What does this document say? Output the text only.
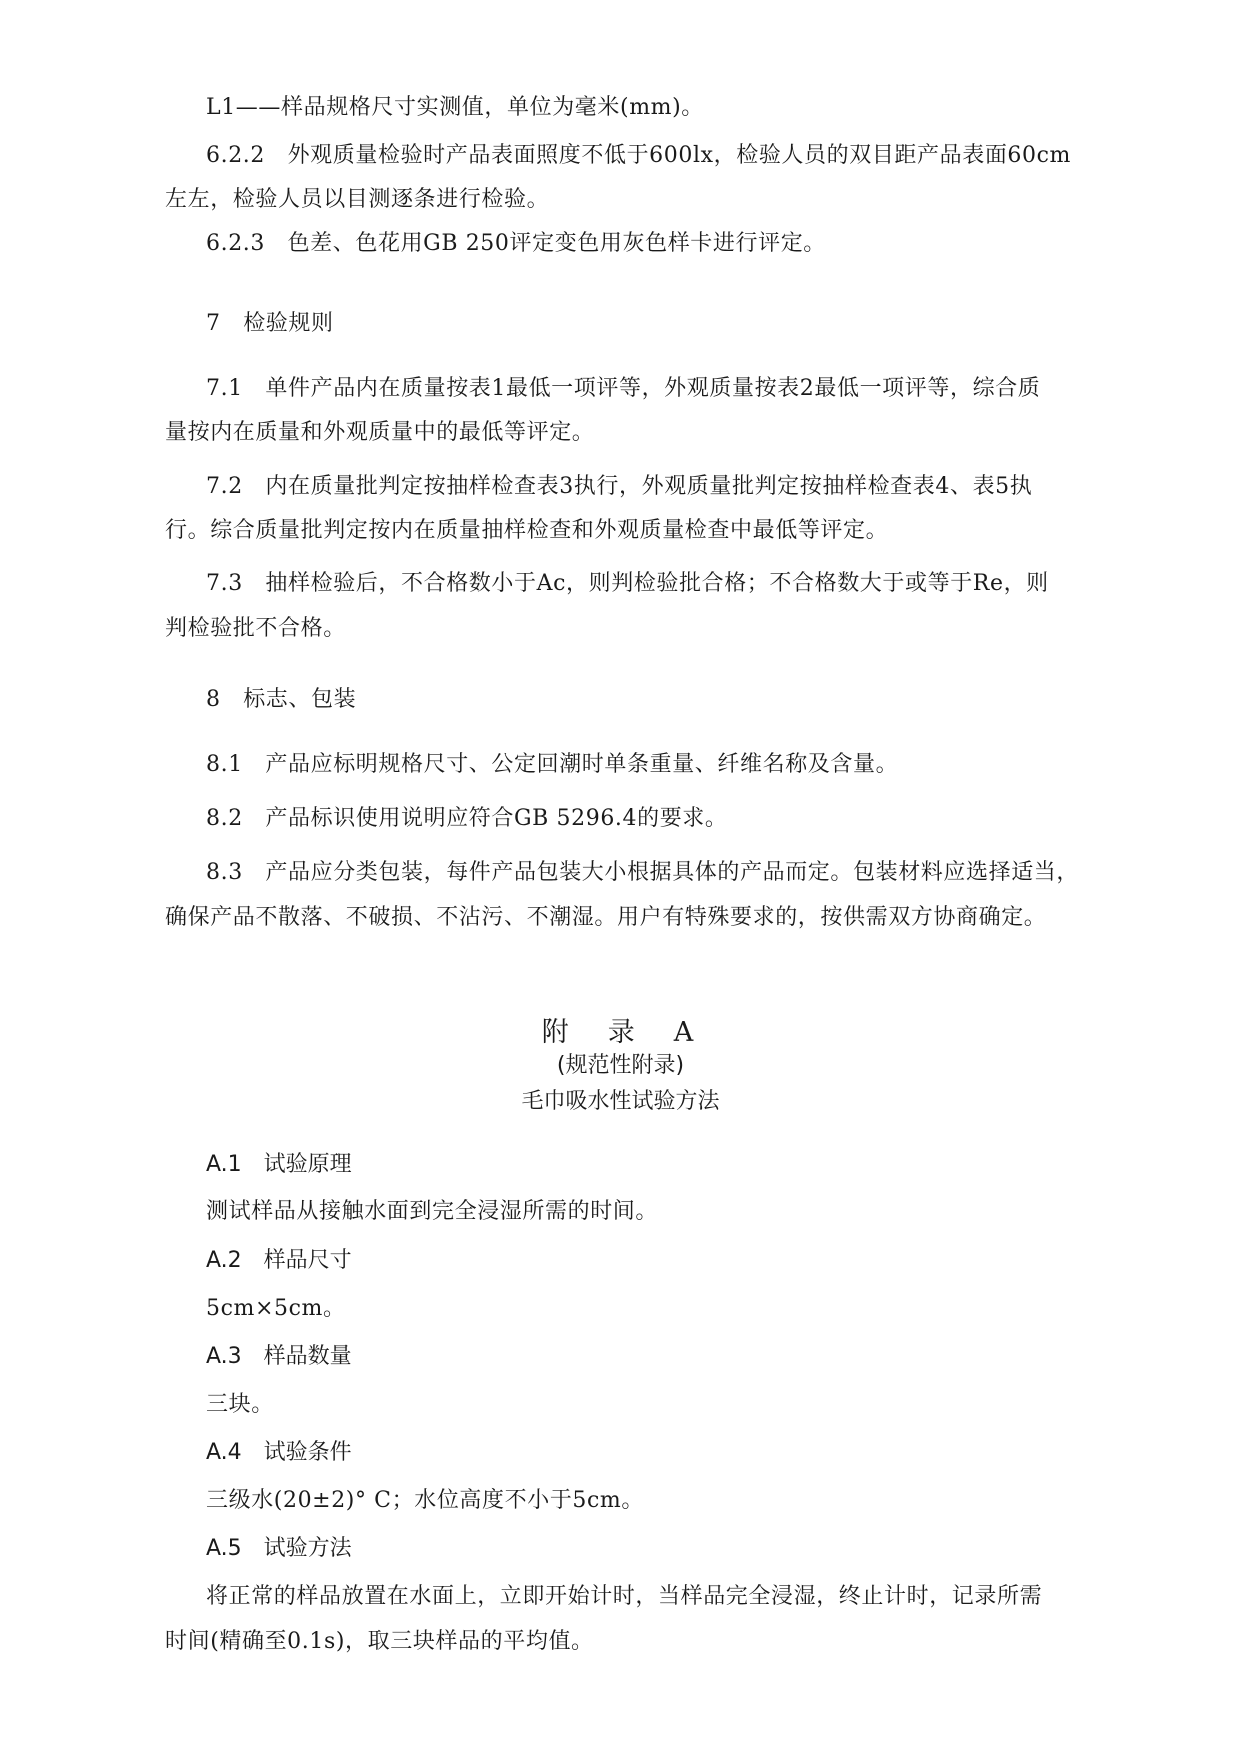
L1——样品规格尺寸实测值，单位为毫米(mm)。
6.2.2　外观质量检验时产品表面照度不低于600lx，检验人员的双目距产品表面60cm
左左，检验人员以目测逐条进行检验。
6.2.3　色差、色花用GB 250评定变色用灰色样卡进行评定。
7　检验规则
7.1　单件产品内在质量按表1最低一项评等，外观质量按表2最低一项评等，综合质
量按内在质量和外观质量中的最低等评定。
7.2　内在质量批判定按抽样检查表3执行，外观质量批判定按抽样检查表4、表5执
行。综合质量批判定按内在质量抽样检查和外观质量检查中最低等评定。
7.3　抽样检验后，不合格数小于Ac，则判检验批合格；不合格数大于或等于Re，则
判检验批不合格。
8　标志、包装
8.1　产品应标明规格尺寸、公定回潮时单条重量、纤维名称及含量。
8.2　产品标识使用说明应符合GB 5296.4的要求。
8.3　产品应分类包装，每件产品包装大小根据具体的产品而定。包装材料应选择适当，
确保产品不散落、不破损、不沾污、不潮湿。用户有特殊要求的，按供需双方协商确定。
附　录　A
(规范性附录)
毛巾吸水性试验方法
A.1　试验原理
测试样品从接触水面到完全浸湿所需的时间。
A.2　样品尺寸
5cm×5cm。
A.3　样品数量
三块。
A.4　试验条件
三级水(20±2)° C；水位高度不小于5cm。
A.5　试验方法
将正常的样品放置在水面上，立即开始计时，当样品完全浸湿，终止计时，记录所需
时间(精确至0.1s)，取三块样品的平均值。
